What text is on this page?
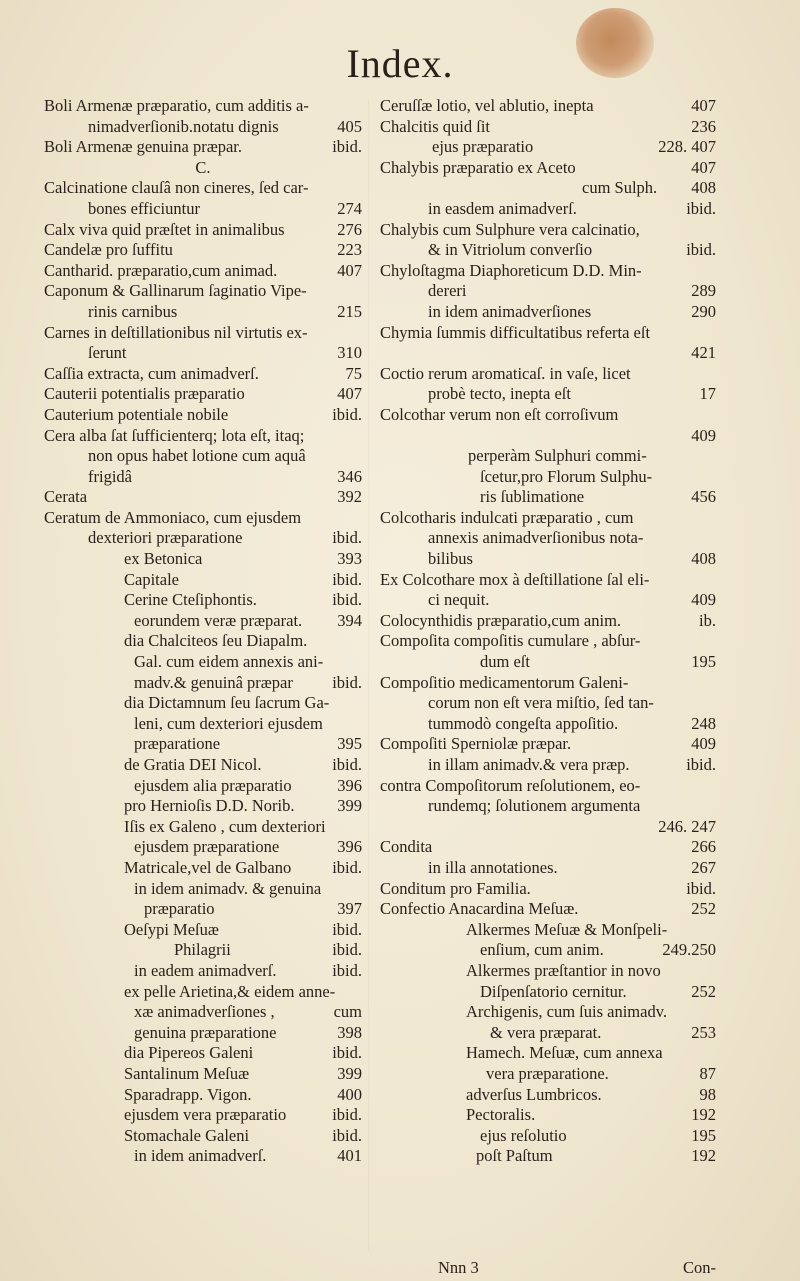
Index.
Boli Armenæ præparatio, cum additis a-
nimadverſionib.notatu dignis	405
Boli Armenæ genuina præpar.	ibid.
C.
Calcinatione clauſâ non cineres, ſed car-
bones efficiuntur	274
Calx viva quid præſtet in animalibus	276
Candelæ pro ſuffitu	223
Cantharid. præparatio,cum animad.	407
Caponum & Gallinarum ſaginatio Vipe-
rinis carnibus	215
Carnes in deſtillationibus nil virtutis ex-
ſerunt	310
Caſſia extracta, cum animadverſ.	75
Cauterii potentialis præparatio	407
Cauterium potentiale nobile	ibid.
Cera alba ſat ſufficienterq; lota eſt, itaq;
non opus habet lotione cum aquâ
frigidâ	346
Cerata	392
Ceratum de Ammoniaco, cum ejusdem
dexteriori præparatione	ibid.
ex Betonica	393
Capitale	ibid.
Cerine Cteſiphontis.	ibid.
eorundem veræ præparat. 394
dia Chalciteos ſeu Diapalm.
Gal. cum eidem annexis ani-
madv.& genuinâ præpar ibid.
dia Dictamnum ſeu ſacrum Ga-
leni, cum dexteriori ejusdem
præparatione	395
de Gratia DEI Nicol.	ibid.
ejusdem alia præparatio	396
pro Hernioſis D.D. Norib.	399
Iſis ex Galeno , cum dexteriori
ejusdem præparatione	396
Matricale,vel de Galbano ibid.
in idem animadv. & genuina
præparatio	397
Oeſypi Meſuæ	ibid.
Philagrii	ibid.
in eadem animadverſ.	ibid.
ex pelle Arietina,& eidem anne-
xæ animadverſiones ,	cum
genuina præparatione	398
dia Pipereos Galeni	ibid.
Santalinum Meſuæ	399
Sparadrapp. Vigon.	400
ejusdem vera præparatio	ibid.
Stomachale Galeni	ibid.
in idem animadverſ.	401
Ceruſſæ lotio, vel ablutio, inepta	407
Chalcitis quid ſit	236
ejus præparatio	228. 407
Chalybis præparatio ex Aceto	407
cum Sulph. 408
in easdem animadverſ.	ibid.
Chalybis cum Sulphure vera calcinatio,
& in Vitriolum converſio	ibid.
Chyloſtagma Diaphoreticum D.D. Min-
dereri	289
in idem animadverſiones	290
Chymia ſummis difficultatibus referta eſt
421
Coctio rerum aromaticaſ. in vaſe, licet
probè tecto, inepta eſt	17
Colcothar verum non eſt corroſivum
409
perperàm Sulphuri commi-
ſcetur,pro Florum Sulphu-
ris ſublimatione	456
Colcotharis indulcati præparatio , cum
annexis animadverſionibus nota-
bilibus	408
Ex Colcothare mox à deſtillatione ſal eli-
ci nequit.	409
Colocynthidis præparatio,cum anim.	ib.
Compoſita compoſitis cumulare , abſur-
dum eſt	195
Compoſitio medicamentorum Galeni-
corum non eſt vera miſtio, ſed tan-
tummodò congeſta appoſitio.	248
Compoſiti Sperniolæ præpar.	409
in illam animadv.& vera præp.	ibid.
contra Compoſitorum reſolutionem, eo-
rundemq; ſolutionem argumenta
246. 247
Condita	266
in illa annotationes.	267
Conditum pro Familia.	ibid.
Confectio Anacardina Meſuæ.	252
Alkermes Meſuæ & Monſpeli-
enſium, cum anim.	249.250
Alkermes præſtantior in novo
Diſpenſatorio cernitur.	252
Archigenis, cum ſuis animadv.
& vera præparat.	253
Hamech. Meſuæ, cum annexa
vera præparatione.	87
adverſus Lumbricos.	98
Pectoralis.	192
ejus reſolutio	195
poſt Paſtum	192
Nnn 3	Con-
